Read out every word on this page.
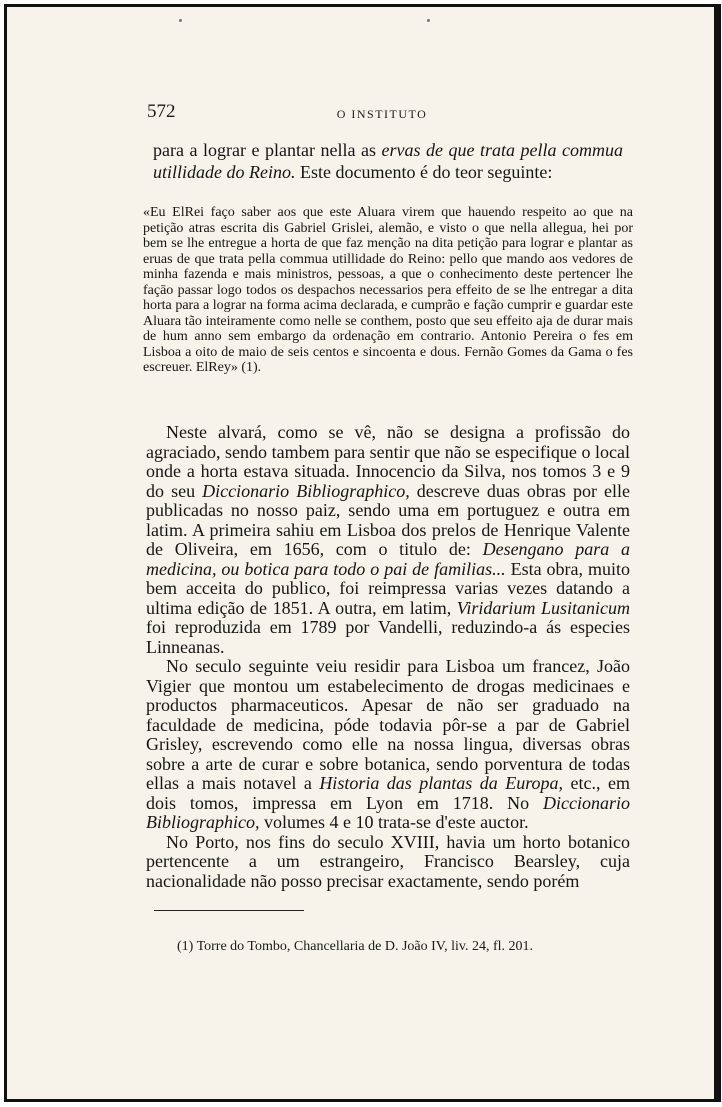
572	O INSTITUTO
para a lograr e plantar nella as ervas de que trata pella commua utillidade do Reino. Este documento é do teor seguinte:
«Eu ElRei faço saber aos que este Aluara virem que hauendo respeito ao que na petição atras escrita dis Gabriel Grislei, alemão, e visto o que nella allegua, hei por bem se lhe entregue a horta de que faz menção na dita petição para lograr e plantar as eruas de que trata pella commua utillidade do Reino: pello que mando aos vedores de minha fazenda e mais ministros, pessoas, a que o conhecimento deste pertencer lhe façāo passar logo todos os despachos necessarios pera effeito de se lhe entregar a dita horta para a lograr na forma acima declarada, e cumprão e fação cumprir e guardar este Aluara tão inteiramente como nelle se conthem, posto que seu effeito aja de durar mais de hum anno sem embargo da ordenação em contrario. Antonio Pereira o fes em Lisboa a oito de maio de seis centos e sincoenta e dous. Fernão Gomes da Gama o fes escreuer. ElRey» (1).

Neste alvará, como se vê, não se designa a profissão do agraciado, sendo tambem para sentir que não se especifique o local onde a horta estava situada. Innocencio da Silva, nos tomos 3 e 9 do seu Diccionario Bibliographico, descreve duas obras por elle publicadas no nosso paiz, sendo uma em portuguez e outra em latim. A primeira sahiu em Lisboa dos prelos de Henrique Valente de Oliveira, em 1656, com o titulo de: Desengano para a medicina, ou botica para todo o pai de familias... Esta obra, muito bem acceita do publico, foi reimpressa varias vezes datando a ultima edição de 1851. A outra, em latim, Viridarium Lusitanicum foi reproduzida em 1789 por Vandelli, reduzindo-a ás especies Linneanas.

No seculo seguinte veiu residir para Lisboa um francez, João Vigier que montou um estabelecimento de drogas medicinaes e productos pharmaceuticos. Apesar de não ser graduado na faculdade de medicina, póde todavia pôr-se a par de Gabriel Grisley, escrevendo como elle na nossa lingua, diversas obras sobre a arte de curar e sobre botanica, sendo porventura de todas ellas a mais notavel a Historia das plantas da Europa, etc., em dois tomos, impressa em Lyon em 1718. No Diccionario Bibliographico, volumes 4 e 10 trata-se d'este auctor.

No Porto, nos fins do seculo XVIII, havia um horto botanico pertencente a um estrangeiro, Francisco Bearsley, cuja nacionalidade não posso precisar exactamente, sendo porém

(1) Torre do Tombo, Chancellaria de D. João IV, liv. 24, fl. 201.
